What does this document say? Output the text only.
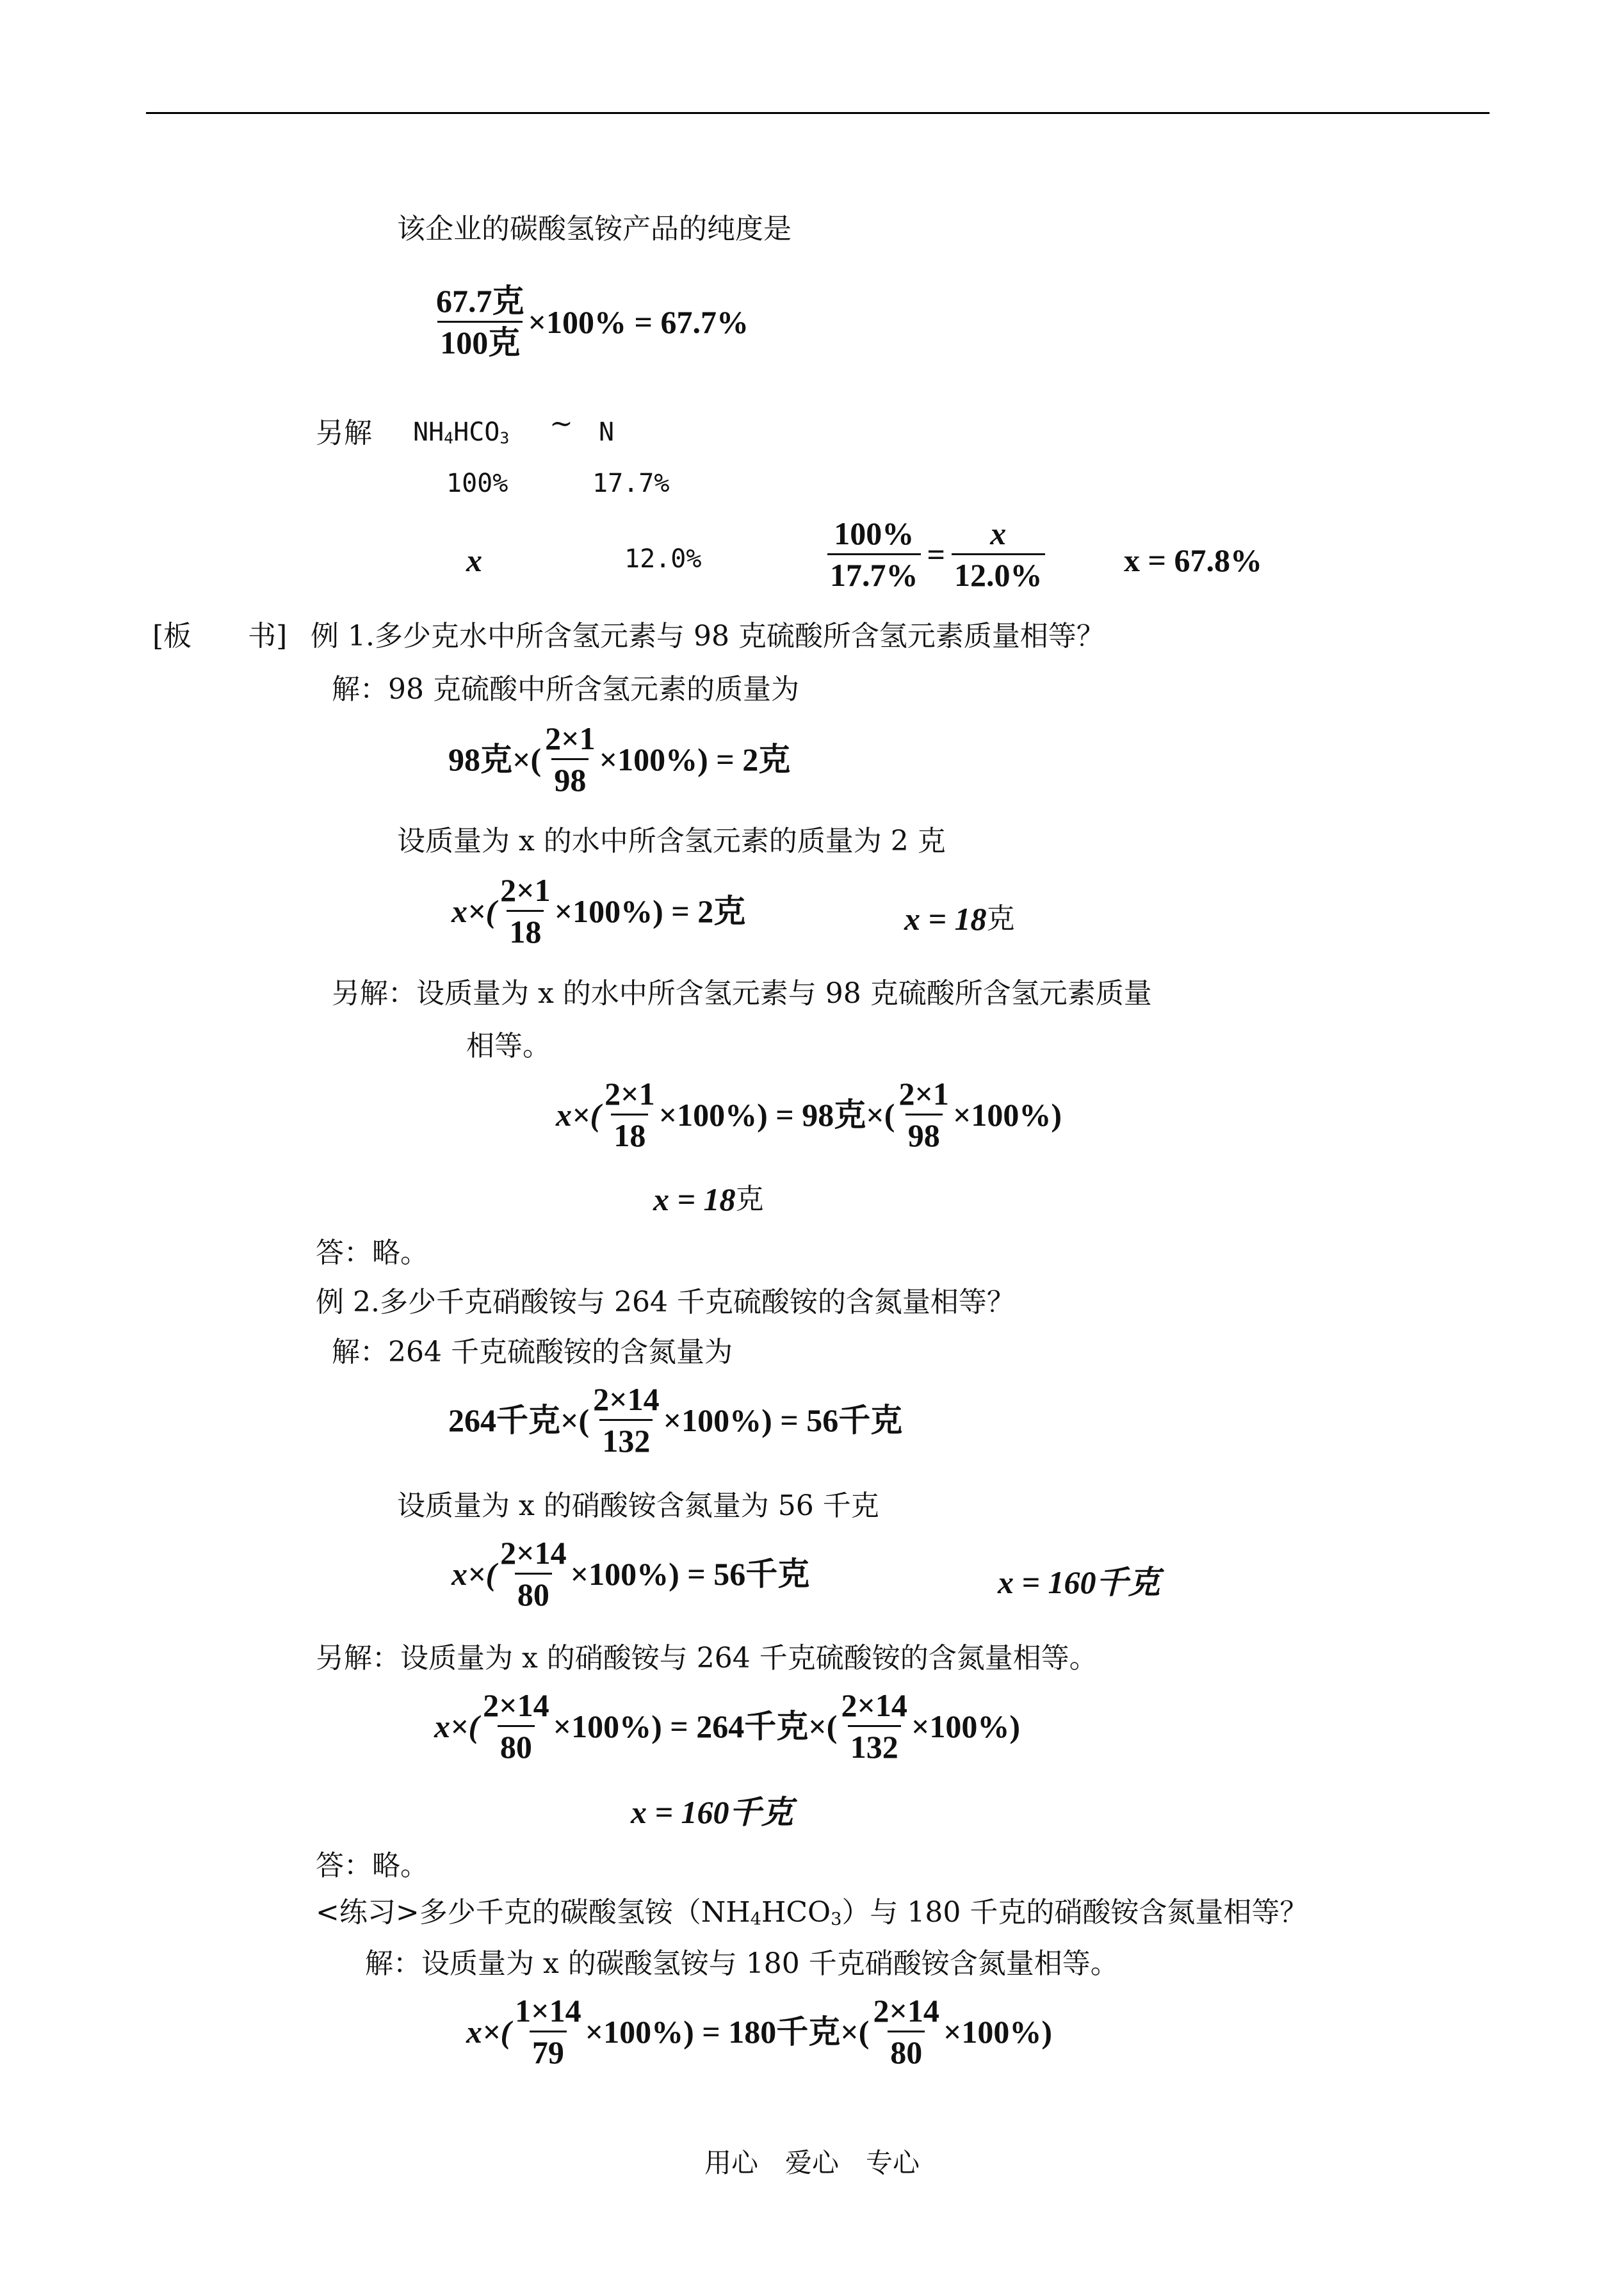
该企业的碳酸氢铵产品的纯度是
$\frac{\text{67.7克}}{\text{100克}} \times 100\% = 67.7\%$
另解 NH4HCO3 ~ N
100%	17.7%
x	12.0%	$\frac{100\%}{17.7\%} = \frac{x}{12.0\%}$ x = 67.8%
[板　　书] 例 1.多少克水中所含氢元素与 98 克硫酸所含氢元素质量相等？
解：98 克硫酸中所含氢元素的质量为
98克×( $\frac{2\times 1}{98} \times 100\%) = 2$克
设质量为 x 的水中所含氢元素的质量为 2 克
$x\times( \frac{2\times 1}{18} \times 100\%) = 2$克	x = 18 克
另解：设质量为 x 的水中所含氢元素与 98 克硫酸所含氢元素质量
相等。
$x\times( \frac{2\times 1}{18} \times 100\%) = 98$克×( $\frac{2\times 1}{98} \times 100\%$)
x = 18 克
答：略。
例 2.多少千克硝酸铵与 264 千克硫酸铵的含氮量相等？
解：264 千克硫酸铵的含氮量为
264千克×( $\frac{2\times 14}{132} \times 100\%) = 56$千克
设质量为 x 的硝酸铵含氮量为 56 千克
$x\times( \frac{2\times 14}{80} \times 100\%) = 56$千克	x = 160千克
另解：设质量为 x 的硝酸铵与 264 千克硫酸铵的含氮量相等。
$x\times( \frac{2\times 14}{80} \times 100\%) = 264$千克×( $\frac{2\times 14}{132} \times 100\%$)
x = 160千克
答：略。
<练习>多少千克的碳酸氢铵（NH4HCO3）与 180 千克的硝酸铵含氮量相等？
解：设质量为 x 的碳酸氢铵与 180 千克硝酸铵含氮量相等。
$x\times( \frac{1\times 14}{79} \times 100\%) = 180$千克×( $\frac{2\times 14}{80} \times 100\%$)
用心　爱心　专心
